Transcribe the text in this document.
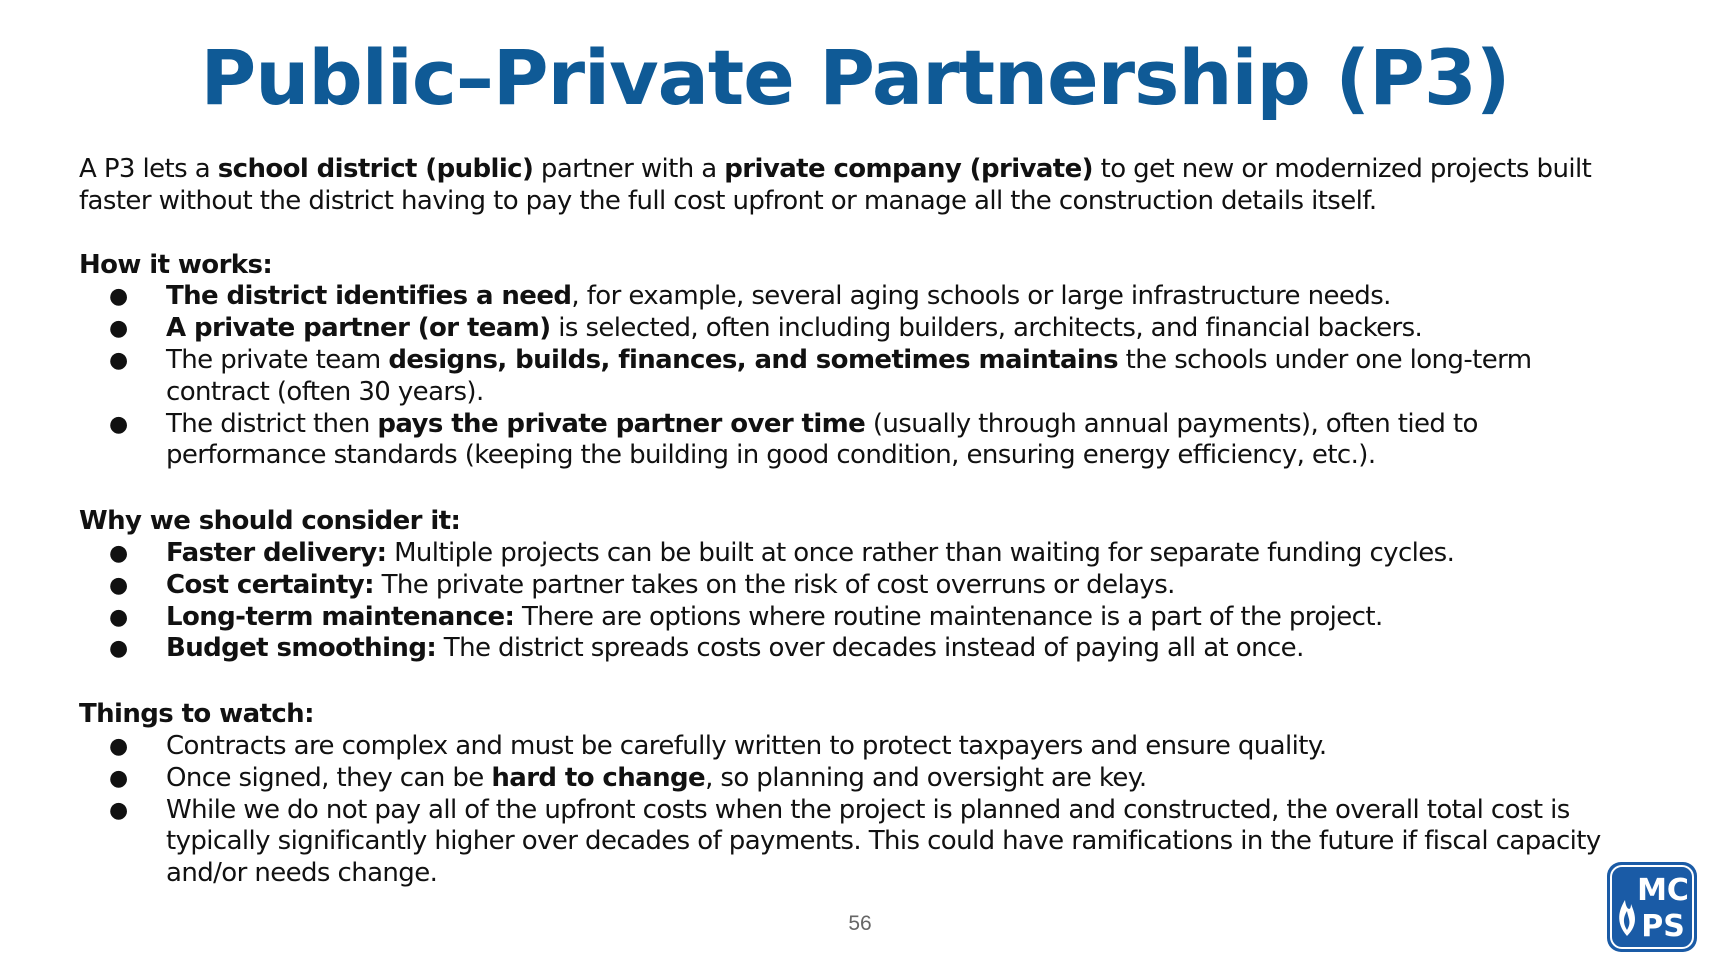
Public–Private Partnership (P3)

A P3 lets a school district (public) partner with a private company (private) to get new or modernized projects built faster without the district having to pay the full cost upfront or manage all the construction details itself.

How it works:

● The district identifies a need, for example, several aging schools or large infrastructure needs.
● A private partner (or team) is selected, often including builders, architects, and financial backers.
● The private team designs, builds, finances, and sometimes maintains the schools under one long-term contract (often 30 years).
● The district then pays the private partner over time (usually through annual payments), often tied to performance standards (keeping the building in good condition, ensuring energy efficiency, etc.).

Why we should consider it:

● Faster delivery: Multiple projects can be built at once rather than waiting for separate funding cycles.
● Cost certainty: The private partner takes on the risk of cost overruns or delays.
● Long-term maintenance: There are options where routine maintenance is a part of the project.
● Budget smoothing: The district spreads costs over decades instead of paying all at once.

Things to watch:

● Contracts are complex and must be carefully written to protect taxpayers and ensure quality.
● Once signed, they can be hard to change, so planning and oversight are key.
● While we do not pay all of the upfront costs when the project is planned and constructed, the overall total cost is typically significantly higher over decades of payments. This could have ramifications in the future if fiscal capacity and/or needs change.
56
MC
PS
